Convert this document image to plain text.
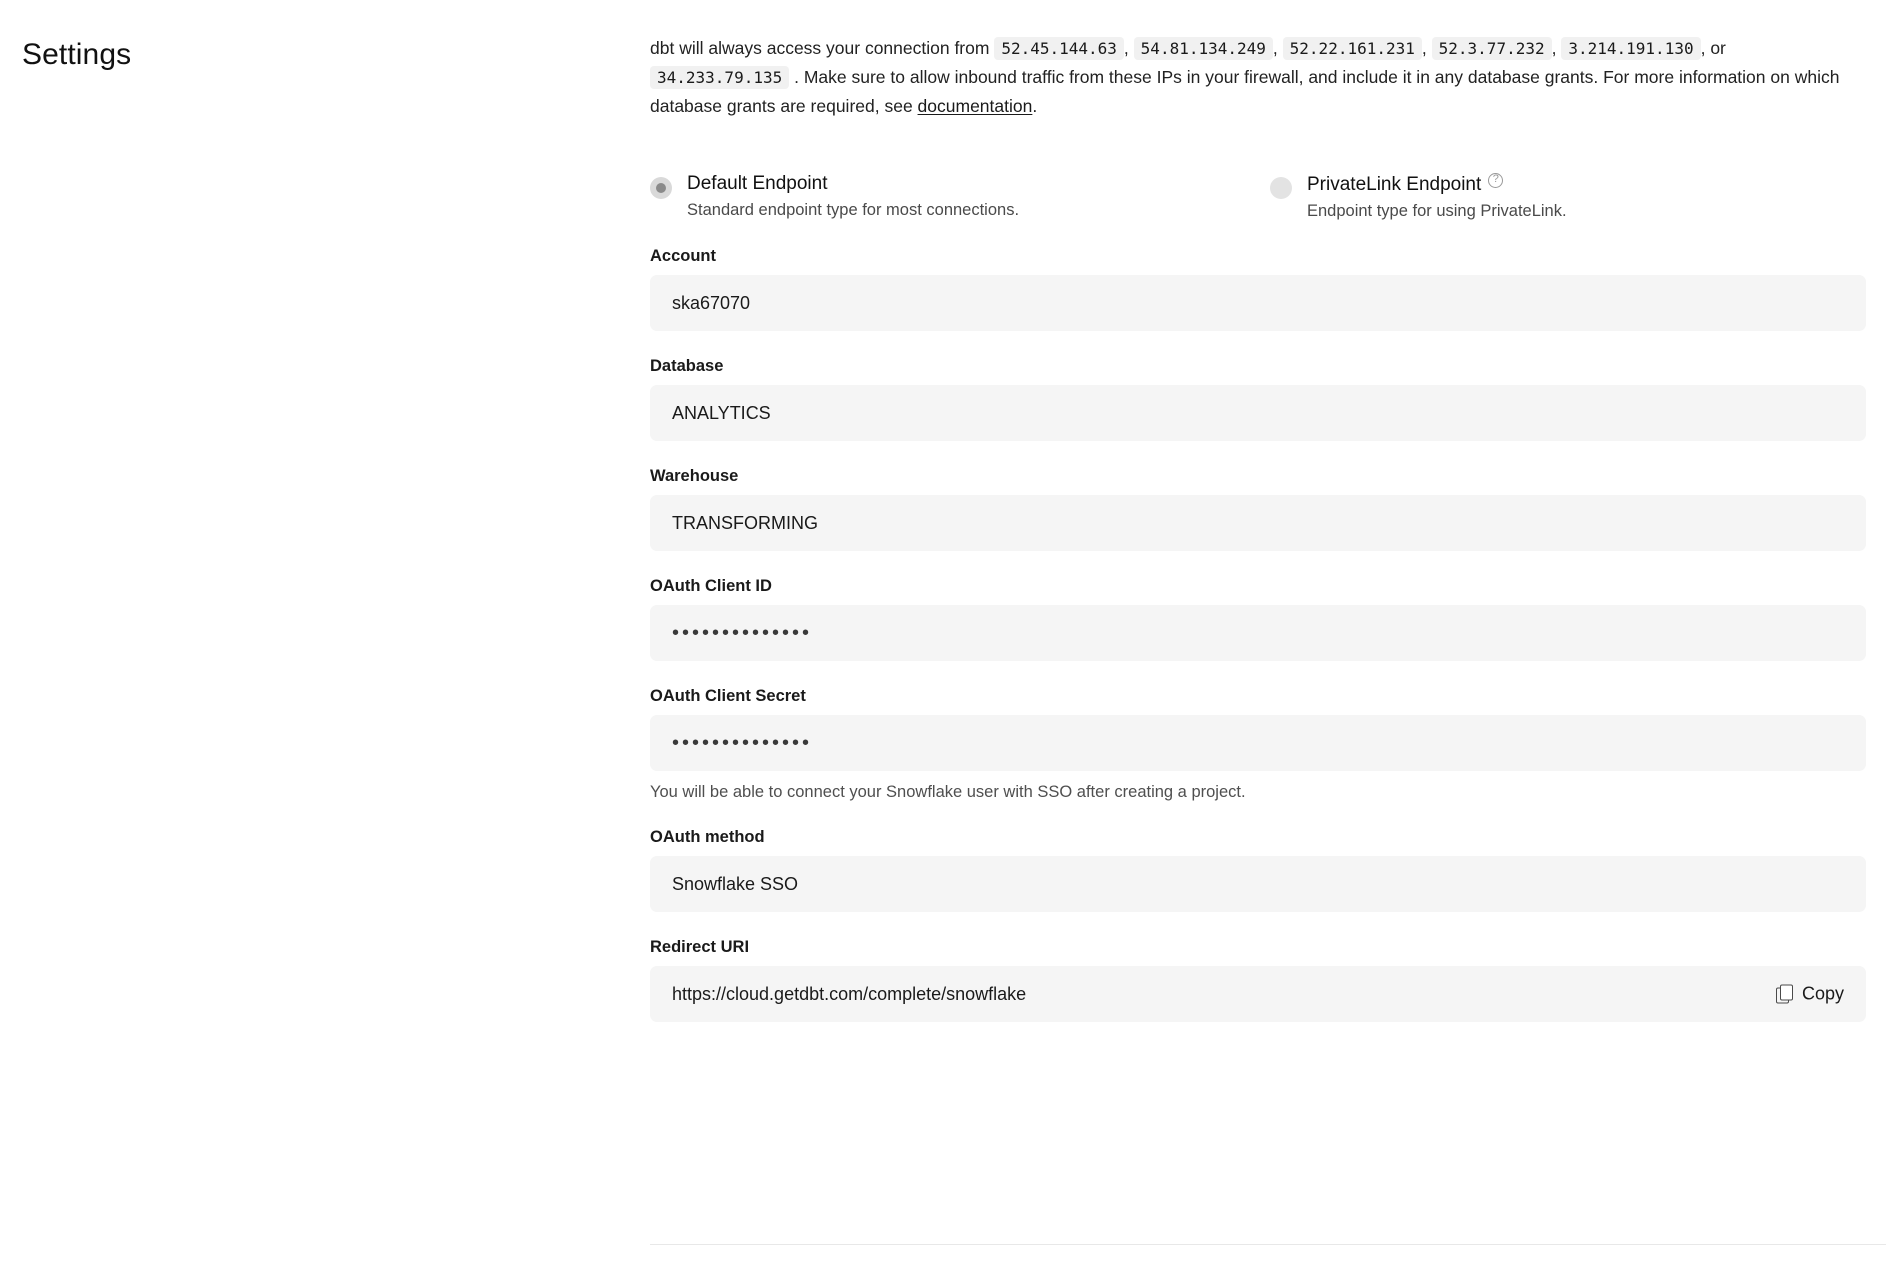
Settings	dbt will always access your connection from 52.45.144.63 , 54.81.134.249 , 52.22.161.231 , 52.3.77.232 , 3.214.191.130 , or 34.233.79.135 . Make sure to allow inbound traffic from these IPs in your firewall, and include it in any database grants. For more information on which database grants are required, see documentation.
Default Endpoint
Standard endpoint type for most connections.
PrivateLink Endpoint?
Endpoint type for using PrivateLink.
Account
ska67070
Database
ANALYTICS
Warehouse
TRANSFORMING
OAuth Client ID
••••••••••••••
OAuth Client Secret
••••••••••••••
You will be able to connect your Snowflake user with SSO after creating a project.
OAuth method
Snowflake SSO
Redirect URI
https://cloud.getdbt.com/complete/snowflake	Copy
